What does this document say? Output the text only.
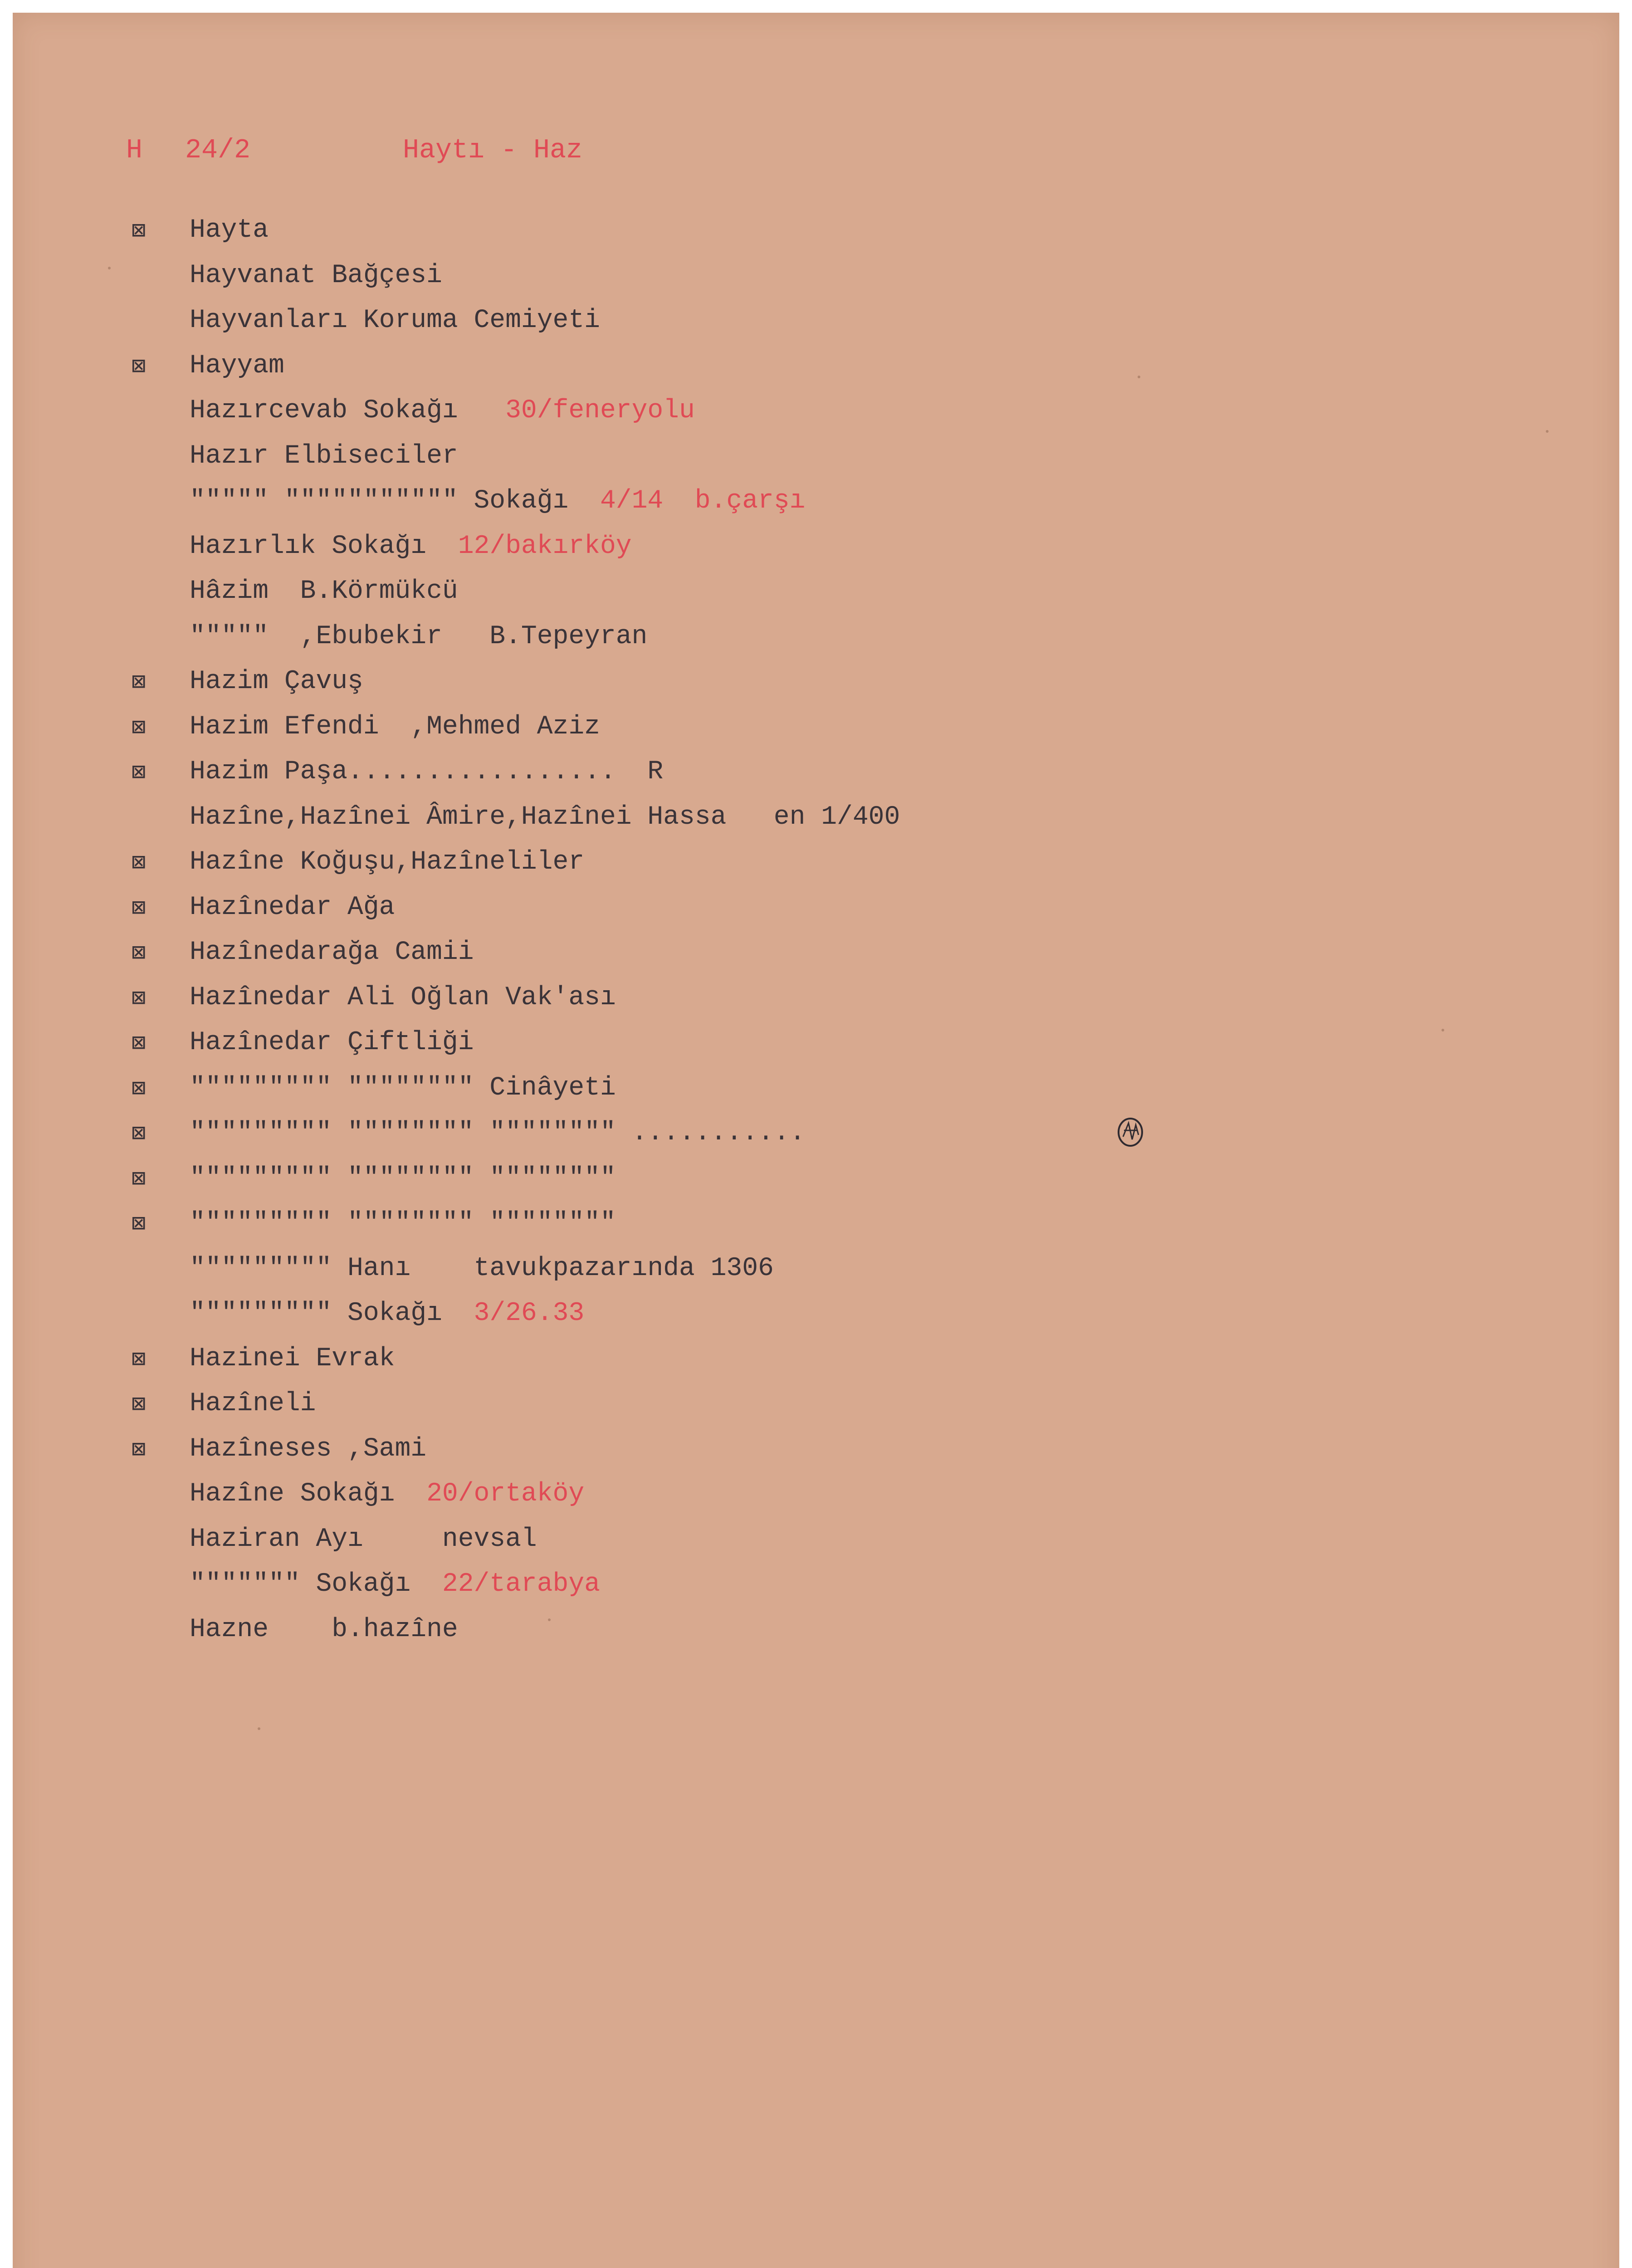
H

24/2

	Haytı - Haz

⊠	Hayta
Hayvanat Bağçesi
Hayvanları Koruma Cemiyeti
⊠	Hayyam
Hazırcevab Sokağı   30/feneryolu
Hazır Elbiseciler
""""" """"""""""" Sokağı  4/14  b.çarşı
Hazırlık Sokağı  12/bakırköy
Hâzim  B.Körmükcü
"""""  ,Ebubekir   B.Tepeyran
⊠	Hazim Çavuş
⊠	Hazim Efendi  ,Mehmed Aziz
⊠	Hazim Paşa.................  R
Hazîne,Hazînei Âmire,Hazînei Hassa   en 1/400
⊠	Hazîne Koğuşu,Hazîneliler
⊠	Hazînedar Ağa
⊠	Hazînedarağa Camii
⊠	Hazînedar Ali Oğlan Vak'ası
⊠	Hazînedar Çiftliği
⊠	""""""""" """""""" Cinâyeti
⊠	""""""""" """""""" """""""" ...........
⊠	""""""""" """""""" """"""""
⊠	""""""""" """""""" """"""""
""""""""" Hanı    tavukpazarında 1306
""""""""" Sokağı  3/26.33
⊠	Hazinei Evrak
⊠	Hazîneli
⊠	Hazîneses ,Sami
Hazîne Sokağı  20/ortaköy
Haziran Ayı     nevsal
""""""" Sokağı  22/tarabya
Hazne    b.hazîne
